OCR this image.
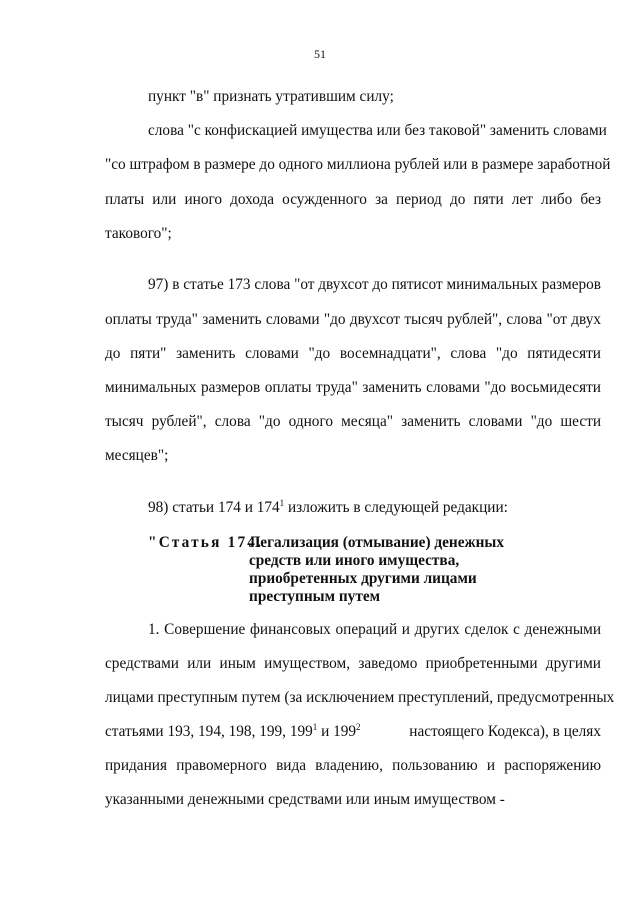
51
пункт "в" признать утратившим силу;
слова "с конфискацией имущества или без таковой" заменить словами
"со штрафом в размере до одного миллиона рублей или в размере заработной
платы или иного дохода осужденного за период до пяти лет либо без
такового";
97) в статье 173 слова "от двухсот до пятисот минимальных размеров
оплаты труда" заменить словами "до двухсот тысяч рублей", слова "от двух
до пяти" заменить словами "до восемнадцати", слова "до пятидесяти
минимальных размеров оплаты труда" заменить словами "до восьмидесяти
тысяч рублей", слова "до одного месяца" заменить словами "до шести
месяцев";
98) статьи 174 и $174^1$ изложить в следующей редакции:
"Статья 174.
Легализация (отмывание) денежных
средств или иного имущества,
приобретенных другими лицами
преступным путем
1. Совершение финансовых операций и других сделок с денежными
средствами или иным имуществом, заведомо приобретенными другими
лицами преступным путем (за исключением преступлений, предусмотренных
статьями 193, 194, 198, 199, $199^1$ и $199^2$	настоящего Кодекса), в целях
придания правомерного вида владению, пользованию и распоряжению
указанными денежными средствами или иным имуществом -
